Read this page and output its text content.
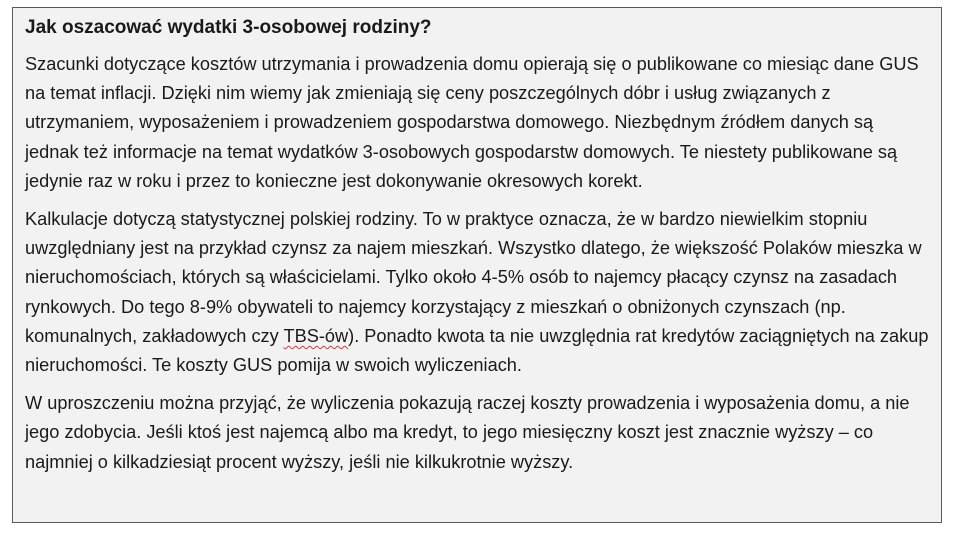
Jak oszacować wydatki 3-osobowej rodziny?

Szacunki dotyczące kosztów utrzymania i prowadzenia domu opierają się o publikowane co miesiąc dane GUS na temat inflacji. Dzięki nim wiemy jak zmieniają się ceny poszczególnych dóbr i usług związanych z utrzymaniem, wyposażeniem i prowadzeniem gospodarstwa domowego. Niezbędnym źródłem danych są jednak też informacje na temat wydatków 3-osobowych gospodarstw domowych. Te niestety publikowane są jedynie raz w roku i przez to konieczne jest dokonywanie okresowych korekt.

Kalkulacje dotyczą statystycznej polskiej rodziny. To w praktyce oznacza, że w bardzo niewielkim stopniu uwzględniany jest na przykład czynsz za najem mieszkań. Wszystko dlatego, że większość Polaków mieszka w nieruchomościach, których są właścicielami. Tylko około 4-5% osób to najemcy płacący czynsz na zasadach rynkowych. Do tego 8-9% obywateli to najemcy korzystający z mieszkań o obniżonych czynszach (np. komunalnych, zakładowych czy TBS-ów). Ponadto kwota ta nie uwzględnia rat kredytów zaciągniętych na zakup nieruchomości. Te koszty GUS pomija w swoich wyliczeniach.

W uproszczeniu można przyjąć, że wyliczenia pokazują raczej koszty prowadzenia i wyposażenia domu, a nie jego zdobycia. Jeśli ktoś jest najemcą albo ma kredyt, to jego miesięczny koszt jest znacznie wyższy – co najmniej o kilkadziesiąt procent wyższy, jeśli nie kilkukrotnie wyższy.
